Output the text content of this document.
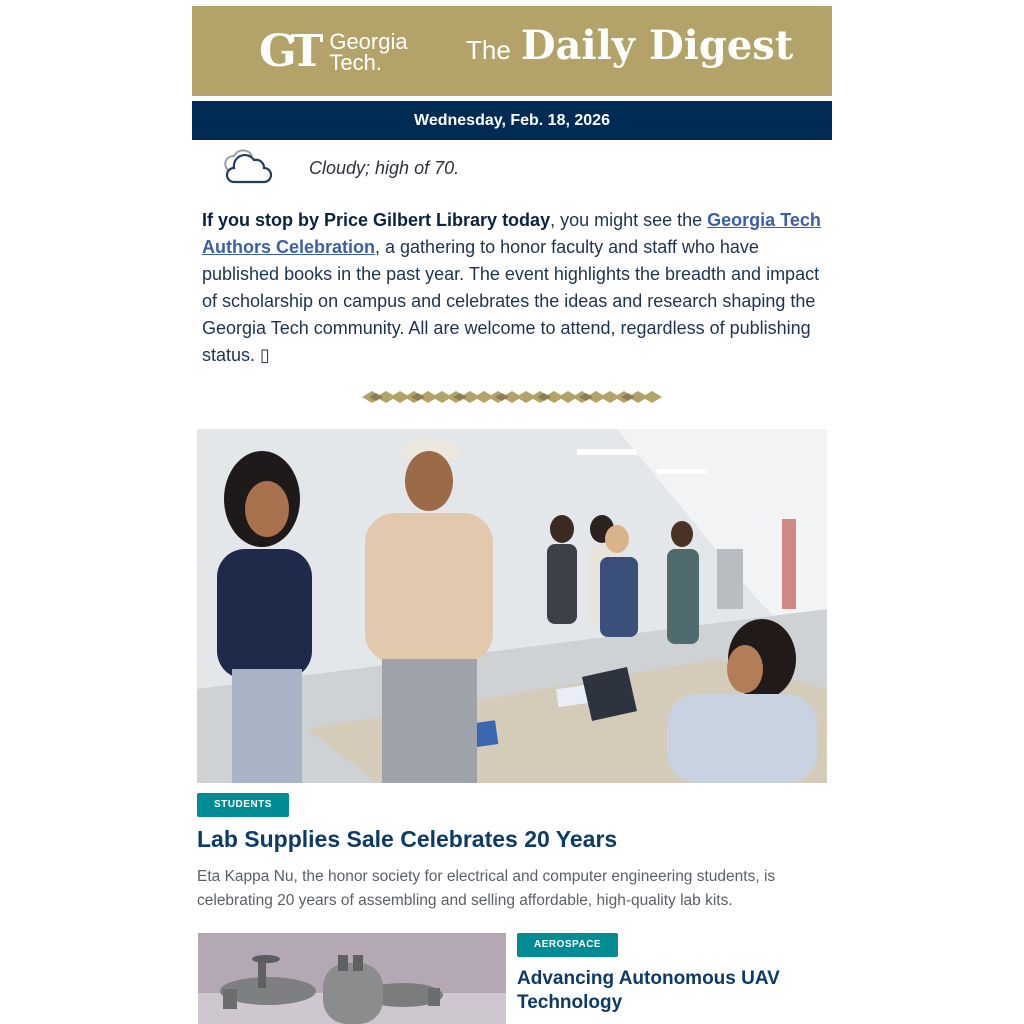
GT Georgia
Tech.	The Daily Digest
Wednesday, Feb. 18, 2026
Cloudy; high of 70.
If you stop by Price Gilbert Library today, you might see the Georgia Tech Authors Celebration, a gathering to honor faculty and staff who have published books in the past year. The event highlights the breadth and impact of scholarship on campus and celebrates the ideas and research shaping the Georgia Tech community. All are welcome to attend, regardless of publishing status. ▯
STUDENTS
Lab Supplies Sale Celebrates 20 Years
Eta Kappa Nu, the honor society for electrical and computer engineering students, is celebrating 20 years of assembling and selling affordable, high-quality lab kits.
AEROSPACE
Advancing Autonomous UAV Technology
